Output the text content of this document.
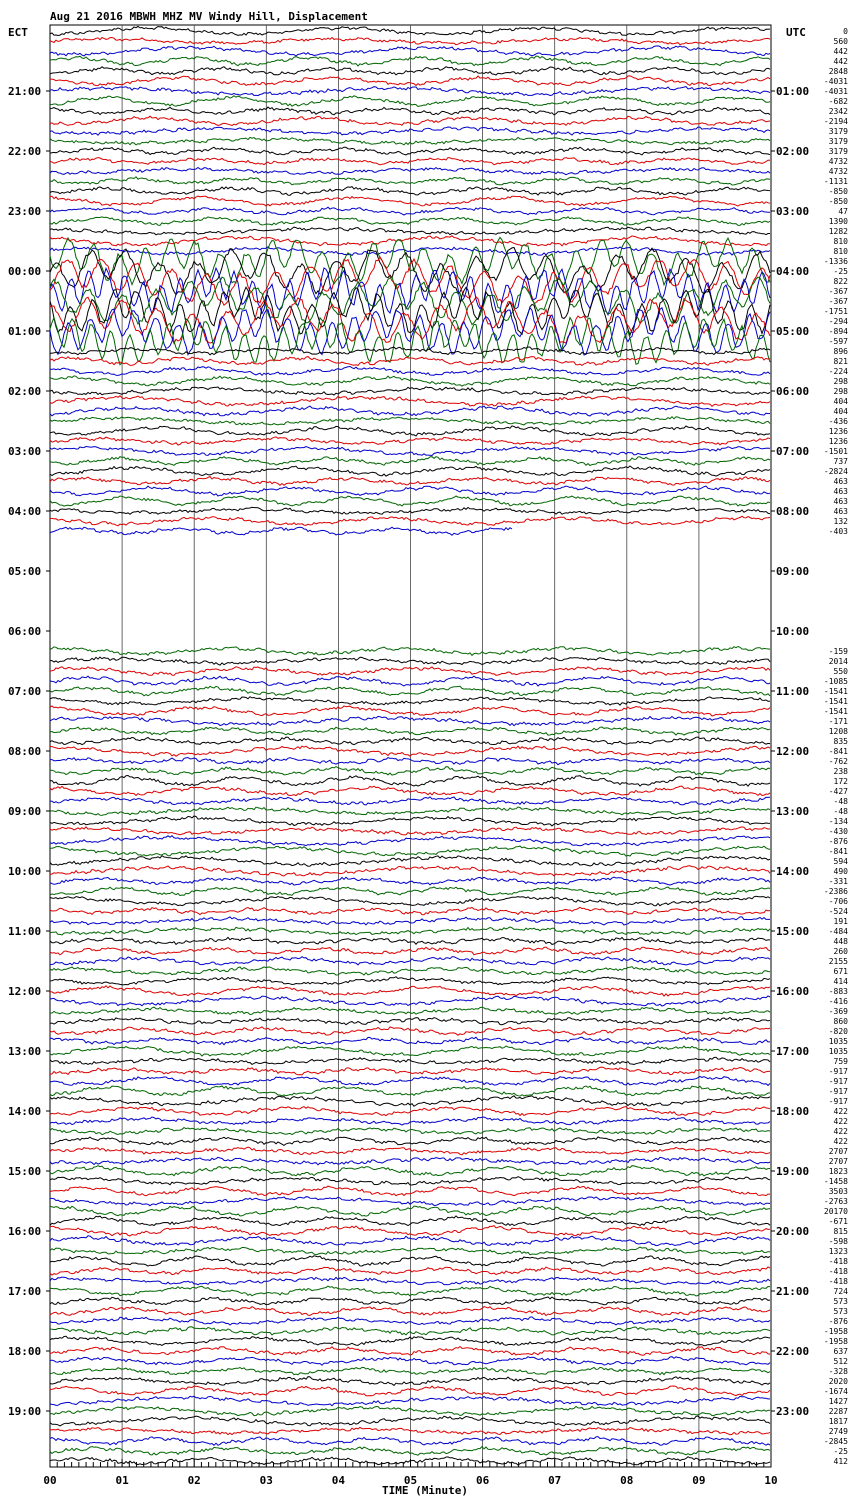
Aug 21 2016 MBWH MHZ MV Windy Hill, Displacement
ECT	UTC
TIME (Minute)
00	01	02	03	04	05	06	07	08	09	10
21:00
22:00
23:00
00:00
01:00
02:00
03:00
04:00
05:00
06:00
07:00
08:00
09:00
10:00
11:00
12:00
13:00
14:00
15:00
16:00
17:00
18:00
19:00
01:00
02:00
03:00
04:00
05:00
06:00
07:00
08:00
09:00
10:00
11:00
12:00
13:00
14:00
15:00
16:00
17:00
18:00
19:00
20:00
21:00
22:00
23:00
0
560
442
442
2848
-4031
-4031
-682
2342
-2194
3179
3179
3179
4732
4732
-1131
-850
-850
47
1390
1282
810
810
-1336
-25
822
-367
-367
-1751
-294
-894
-597
896
821
-224
298
298
404
404
-436
1236
1236
-1501
737
-2824
463
463
463
463
132
-403
-159
2014
550
-1085
-1541
-1541
-1541
-171
1208
835
-841
-762
238
172
-427
-48
-48
-134
-430
-876
-841
594
490
-331
-2386
-706
-524
191
-484
448
260
2155
671
414
-883
-416
-369
860
-820
1035
1035
759
-917
-917
-917
-917
422
422
422
422
2707
2707
1823
-1458
3503
-2763
20170
-671
815
-598
1323
-418
-418
-418
724
573
573
-876
-1958
-1958
637
512
-328
2020
-1674
1427
2287
1817
2749
-2845
-25
412
